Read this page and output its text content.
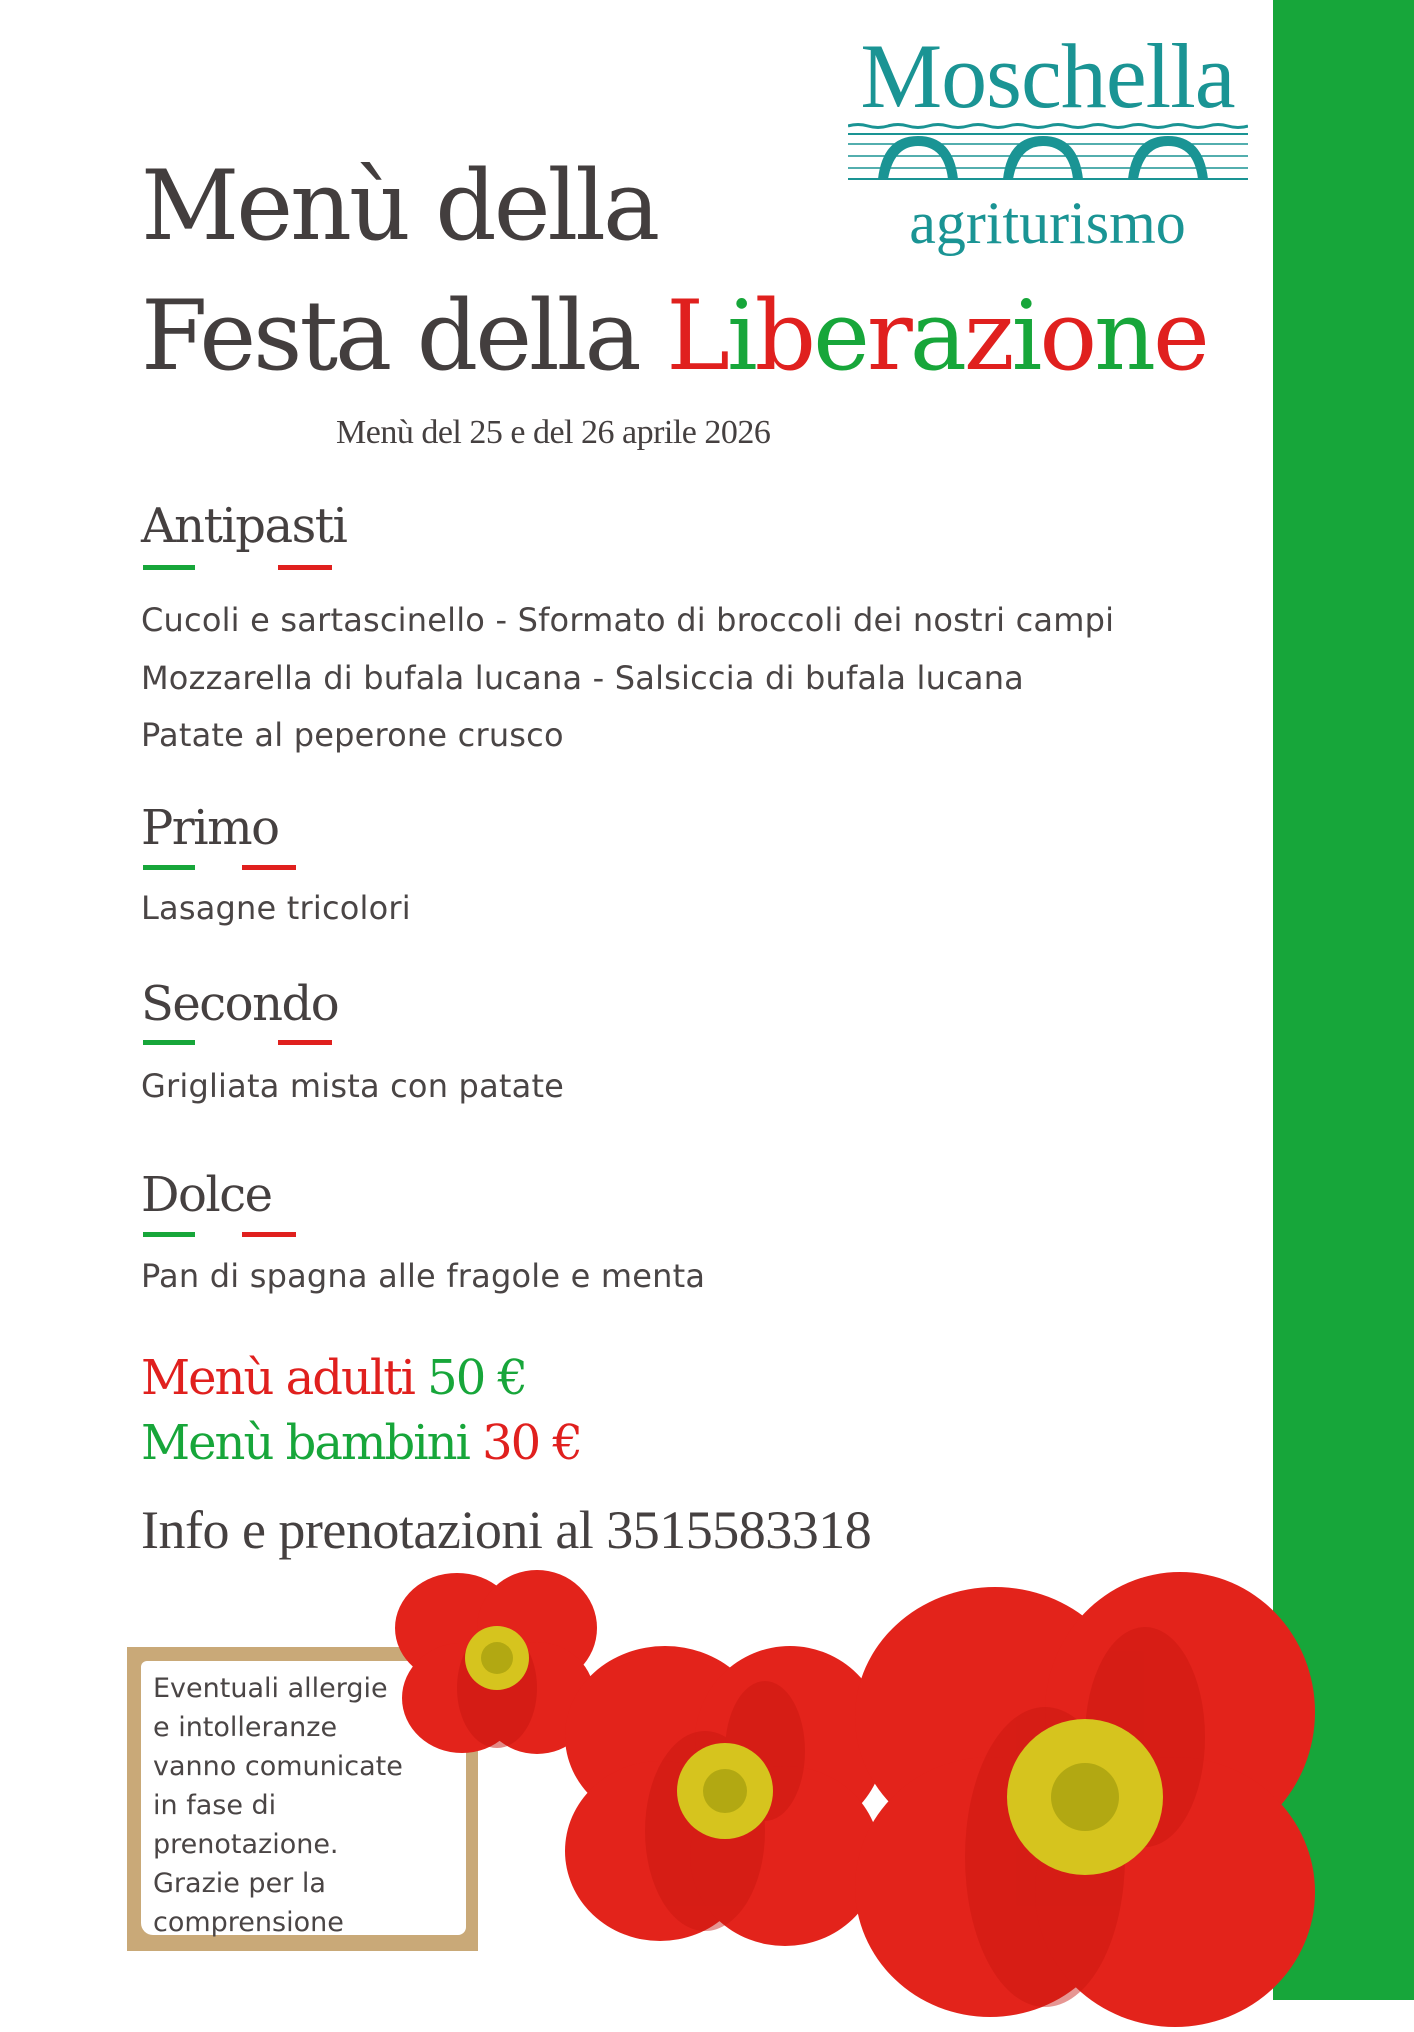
Moschella
agriturismo
Menù della
Festa della Liberazione
Menù del 25 e del 26 aprile 2026
Antipasti
Cucoli e sartascinello - Sformato di broccoli dei nostri campi
Mozzarella di bufala lucana - Salsiccia di bufala lucana
Patate al peperone crusco
Primo
Lasagne tricolori
Secondo
Grigliata mista con patate
Dolce
Pan di spagna alle fragole e menta
Menù adulti 50 €
Menù bambini 30 €
Info e prenotazioni al 3515583318
Eventuali allergie
e intolleranze
vanno comunicate
in fase di
prenotazione.
Grazie per la
comprensione
